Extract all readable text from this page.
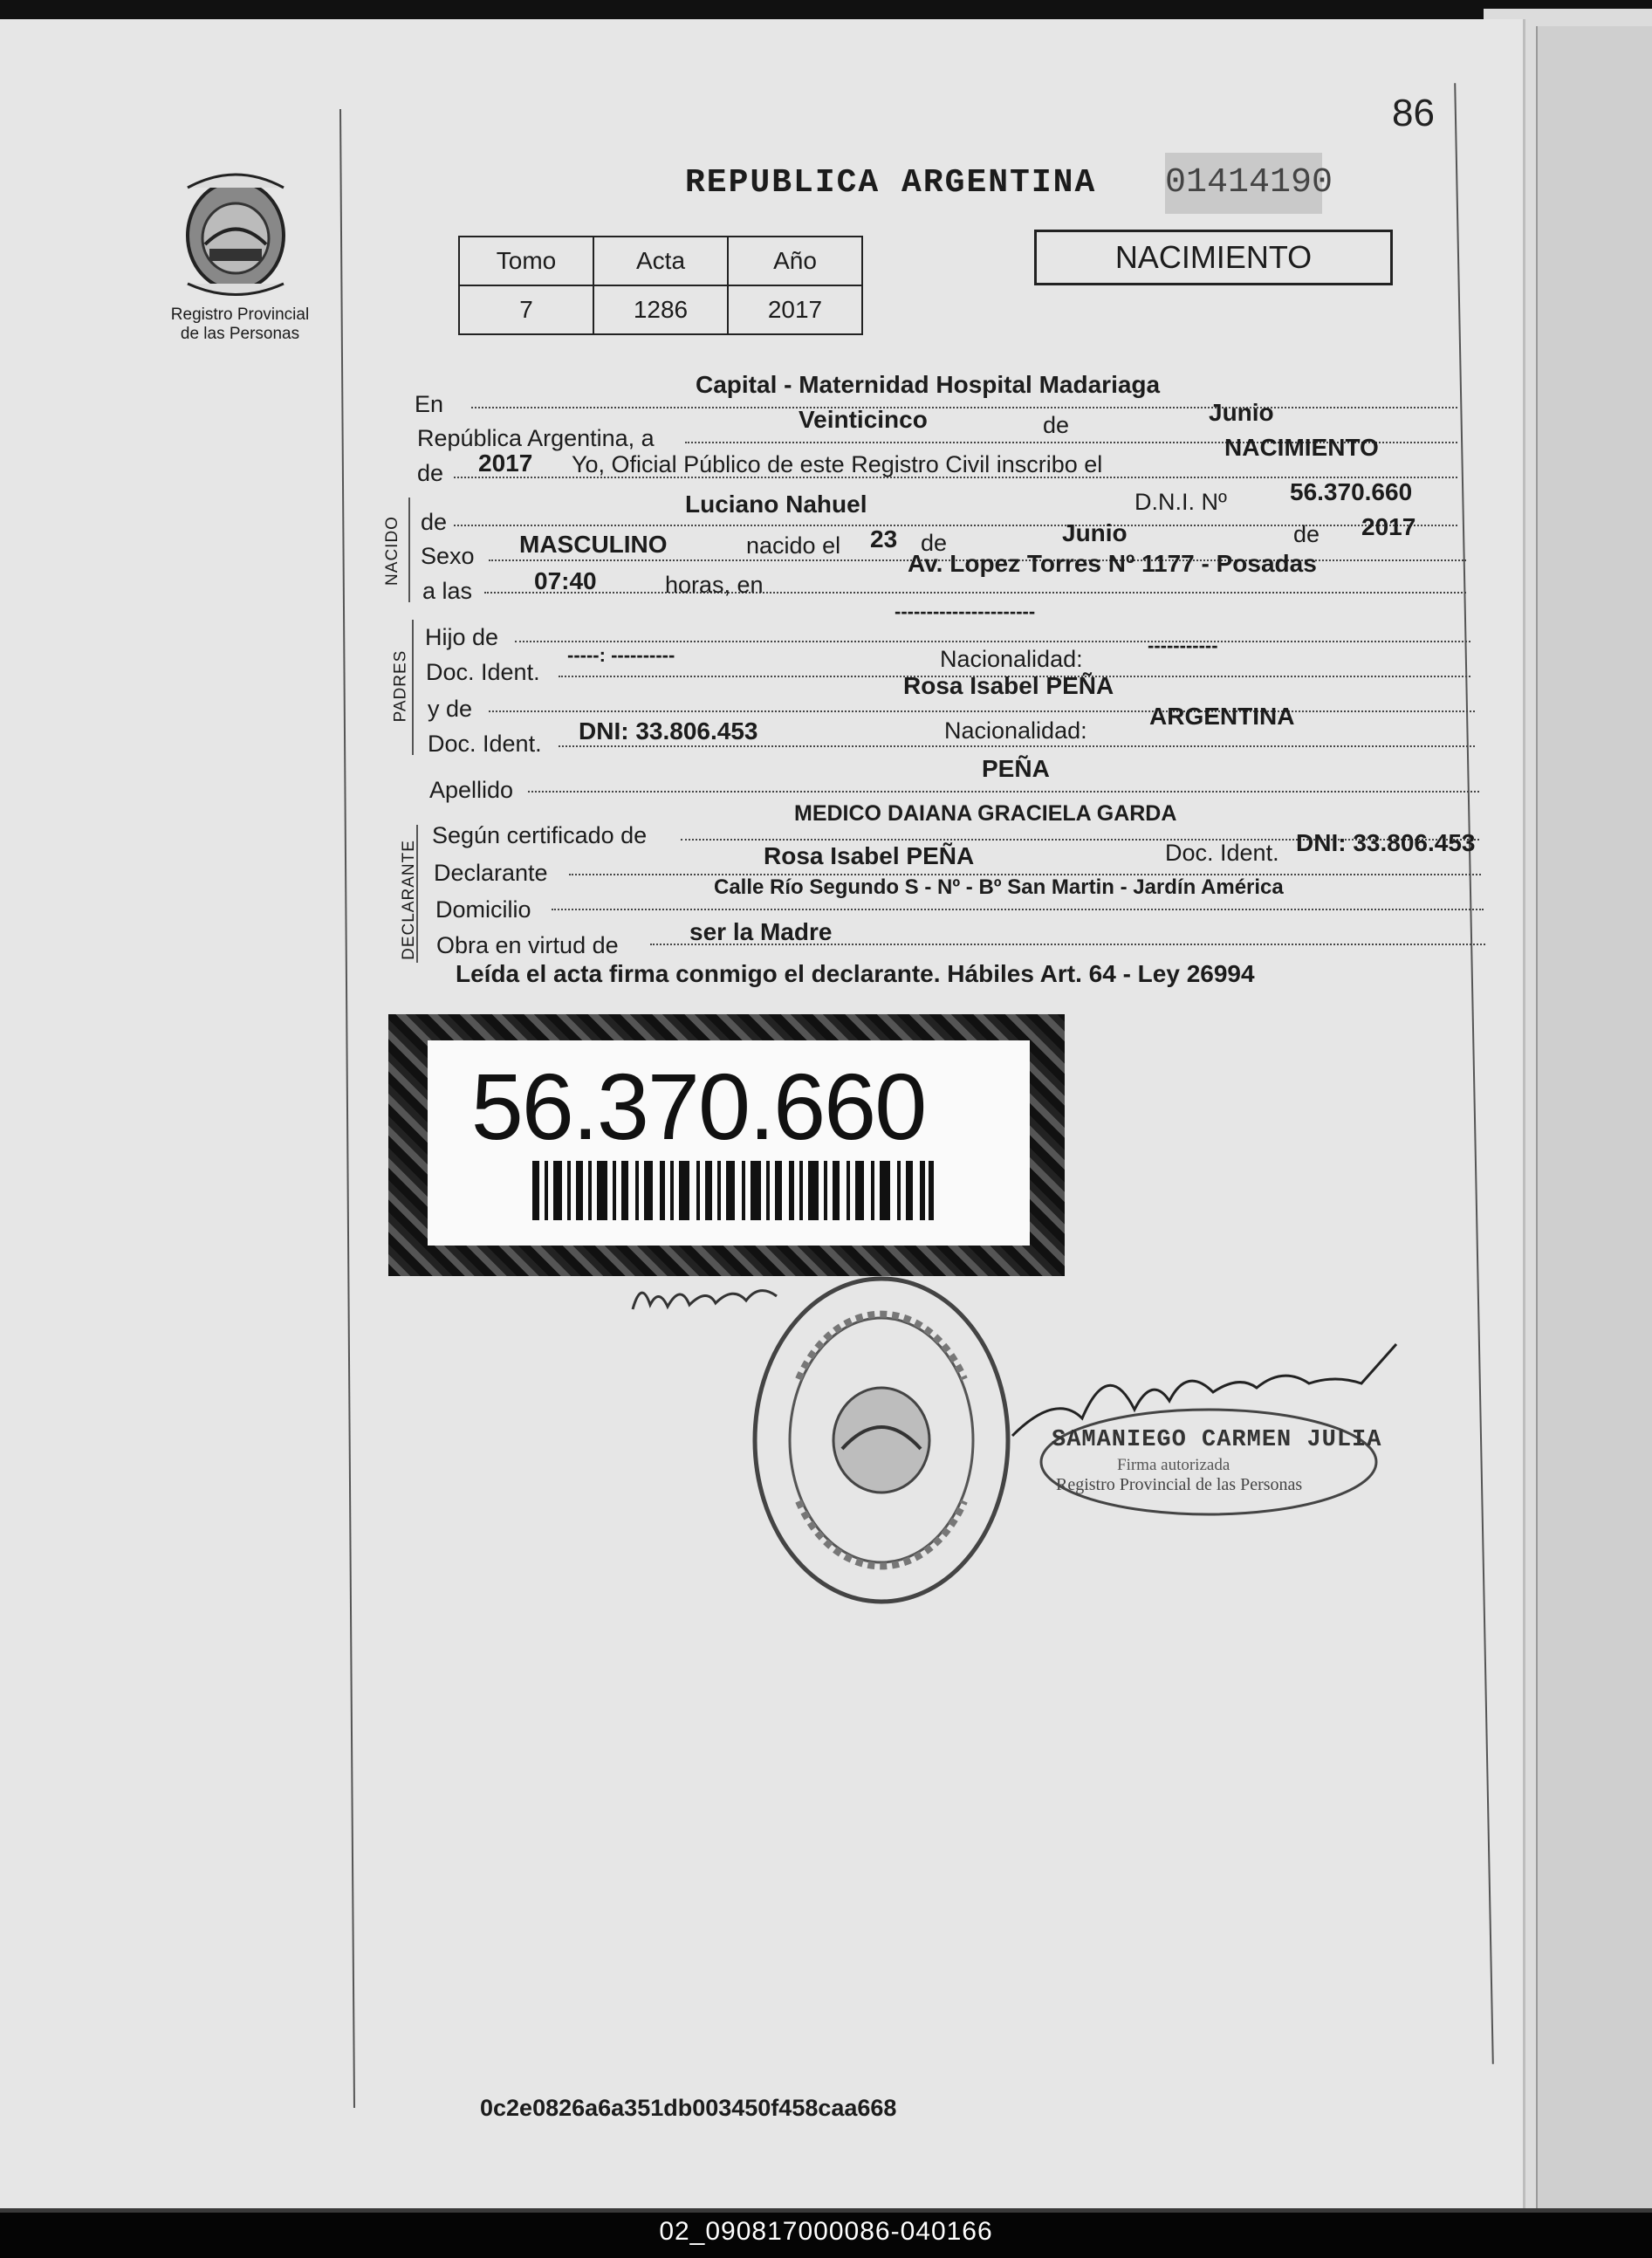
86
Registro Provincial
de las Personas
REPUBLICA ARGENTINA 01414190
Tomo	Acta	Año
7	1286	2017
NACIMIENTO
En
Capital - Maternidad Hospital Madariaga
República Argentina, a
Veinticinco	de	Junio
de 2017 Yo, Oficial Público de este Registro Civil inscribo el
NACIMIENTO
NACIDO de
Luciano Nahuel	D.N.I. Nº	56.370.660
Sexo MASCULINO	nacido el 23 de	Junio	de 2017
a las	07:40	horas, en
Av. Lopez Torres Nº 1177 - Posadas
PADRES
Hijo de
----------------------
Doc. Ident.
-----: ----------	Nacionalidad:
-----------
y de
Rosa Isabel PEÑA
Doc. Ident. DNI: 33.806.453	Nacionalidad:
ARGENTINA
Apellido
PEÑA
DECLARANTE
Según certificado de
MEDICO DAIANA GRACIELA GARDA
Declarante
Rosa Isabel PEÑA	Doc. Ident. DNI: 33.806.453
Domicilio
Calle Río Segundo S - Nº - Bº San Martin - Jardín América
Obra en virtud de	ser la Madre
Leída el acta firma conmigo el declarante. Hábiles Art. 64 - Ley 26994
56.370.660
SAMANIEGO CARMEN JULIA
Firma autorizada
Registro Provincial de las Personas
0c2e0826a6a351db003450f458caa668
02_090817000086-040166
